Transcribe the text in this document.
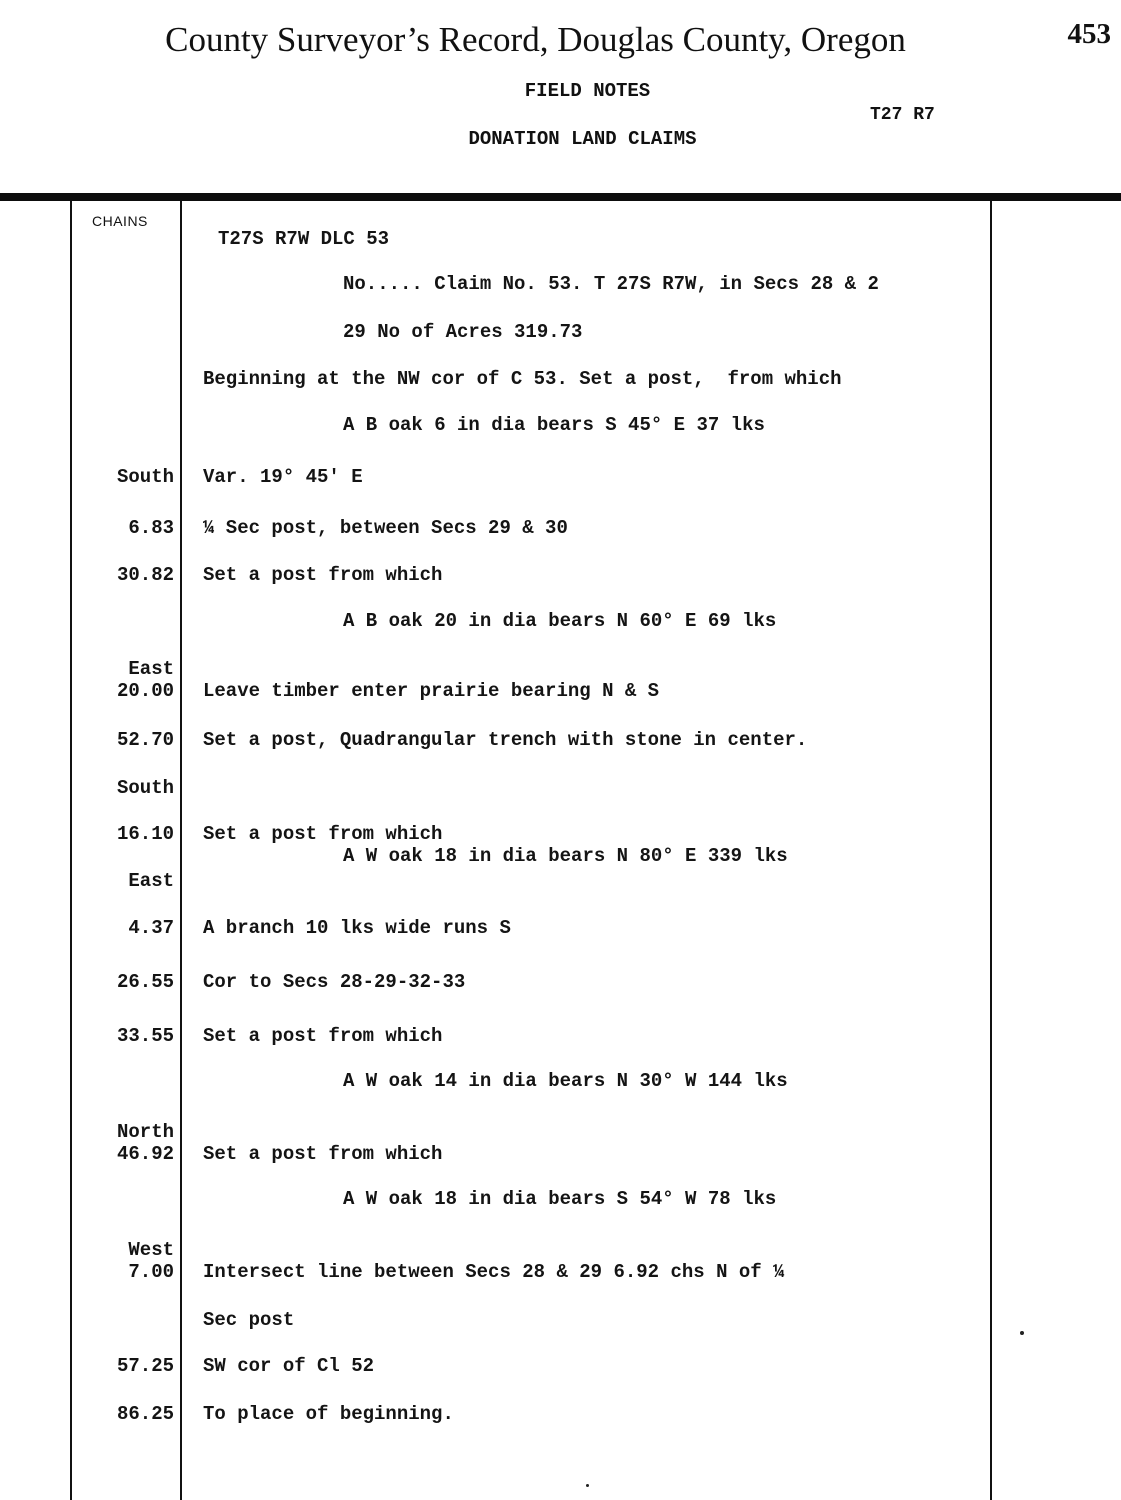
County Surveyor’s Record, Douglas County, Oregon	453
FIELD NOTES
T27 R7
DONATION LAND CLAIMS
CHAINS
South
6.83
30.82
East
20.00
52.70
South
16.10
East
4.37
26.55
33.55
North
46.92
West
7.00
57.25
86.25
T27S R7W DLC 53
No..... Claim No. 53. T 27S R7W, in Secs 28 & 2
29 No of Acres 319.73
Beginning at the NW cor of C 53. Set a post,  from which
A B oak 6 in dia bears S 45° E 37 lks
Var. 19° 45' E
¼ Sec post, between Secs 29 & 30
Set a post from which
A B oak 20 in dia bears N 60° E 69 lks
Leave timber enter prairie bearing N & S
Set a post, Quadrangular trench with stone in center.
Set a post from which
A W oak 18 in dia bears N 80° E 339 lks
A branch 10 lks wide runs S
Cor to Secs 28-29-32-33
Set a post from which
A W oak 14 in dia bears N 30° W 144 lks
Set a post from which
A W oak 18 in dia bears S 54° W 78 lks
Intersect line between Secs 28 & 29 6.92 chs N of ¼
Sec post
SW cor of Cl 52
To place of beginning.
